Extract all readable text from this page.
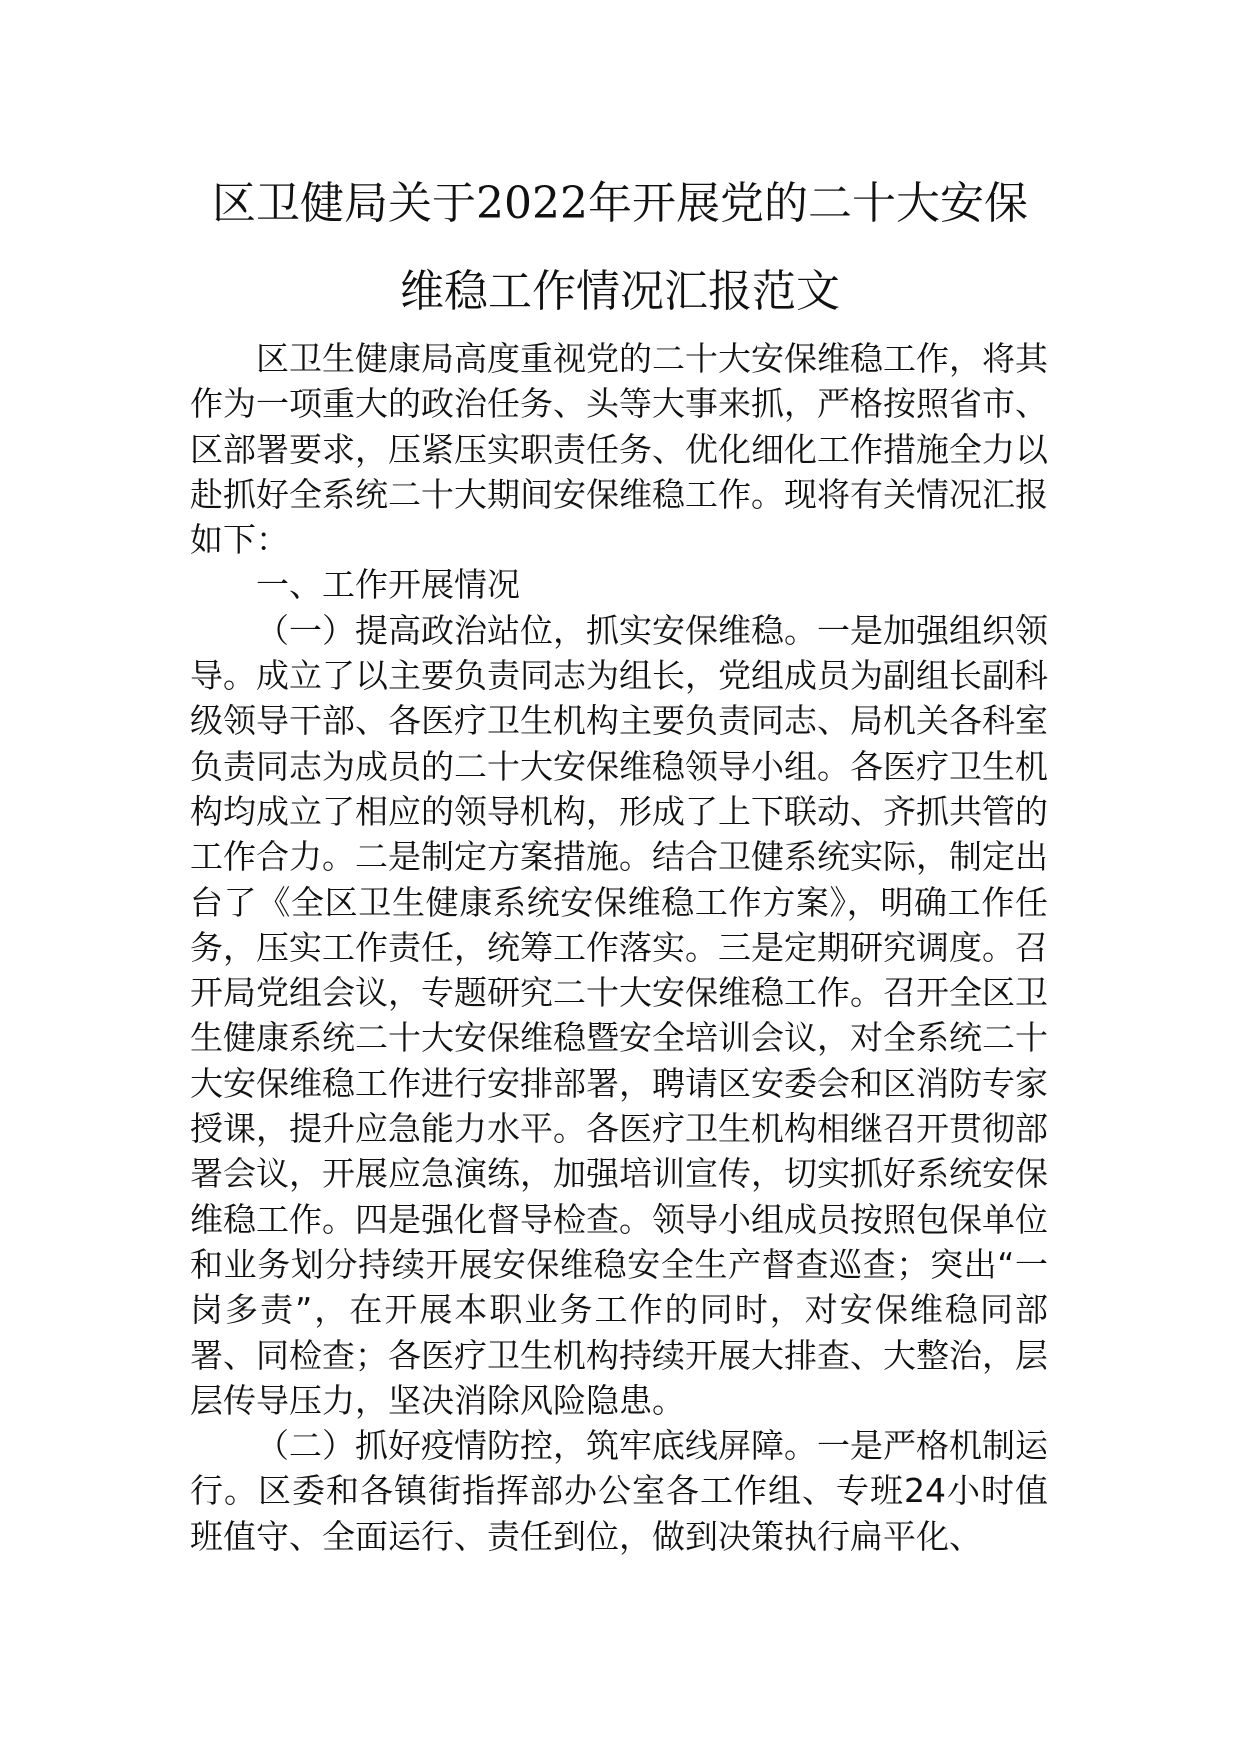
区卫健局关于2022年开展党的二十大安保
维稳工作情况汇报范文

区卫生健康局高度重视党的二十大安保维稳工作，将其作为一项重大的政治任务、头等大事来抓，严格按照省市、区部署要求，压紧压实职责任务、优化细化工作措施全力以赴抓好全系统二十大期间安保维稳工作。现将有关情况汇报如下：

一、工作开展情况

（一）提高政治站位，抓实安保维稳。一是加强组织领导。成立了以主要负责同志为组长，党组成员为副组长副科级领导干部、各医疗卫生机构主要负责同志、局机关各科室负责同志为成员的二十大安保维稳领导小组。各医疗卫生机构均成立了相应的领导机构，形成了上下联动、齐抓共管的工作合力。二是制定方案措施。结合卫健系统实际，制定出台了《全区卫生健康系统安保维稳工作方案》，明确工作任务，压实工作责任，统筹工作落实。三是定期研究调度。召开局党组会议，专题研究二十大安保维稳工作。召开全区卫生健康系统二十大安保维稳暨安全培训会议，对全系统二十大安保维稳工作进行安排部署，聘请区安委会和区消防专家授课，提升应急能力水平。各医疗卫生机构相继召开贯彻部署会议，开展应急演练，加强培训宣传，切实抓好系统安保维稳工作。四是强化督导检查。领导小组成员按照包保单位和业务划分持续开展安保维稳安全生产督查巡查；突出“一岗多责”，在开展本职业务工作的同时，对安保维稳同部署、同检查；各医疗卫生机构持续开展大排查、大整治，层层传导压力，坚决消除风险隐患。

（二）抓好疫情防控，筑牢底线屏障。一是严格机制运行。区委和各镇街指挥部办公室各工作组、专班24小时值班值守、全面运行、责任到位，做到决策执行扁平化、
